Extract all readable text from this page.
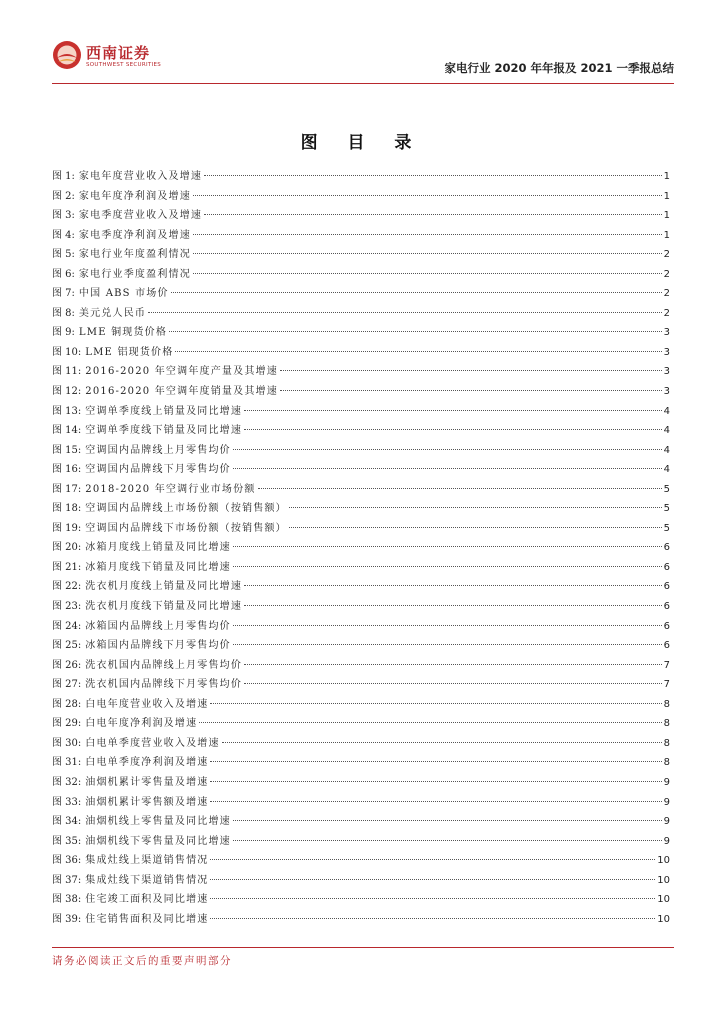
西南证券
SOUTHWEST SECURITIES	家电行业 2020 年年报及 2021 一季报总结
图 目 录
图 1: 家电年度营业收入及增速	1
图 2: 家电年度净利润及增速	1
图 3: 家电季度营业收入及增速	1
图 4: 家电季度净利润及增速	1
图 5: 家电行业年度盈利情况	2
图 6: 家电行业季度盈利情况	2
图 7: 中国 ABS 市场价	2
图 8: 美元兑人民币	2
图 9: LME 铜现货价格	3
图 10: LME 铝现货价格	3
图 11: 2016-2020 年空调年度产量及其增速	3
图 12: 2016-2020 年空调年度销量及其增速	3
图 13: 空调单季度线上销量及同比增速	4
图 14: 空调单季度线下销量及同比增速	4
图 15: 空调国内品牌线上月零售均价	4
图 16: 空调国内品牌线下月零售均价	4
图 17: 2018-2020 年空调行业市场份额	5
图 18: 空调国内品牌线上市场份额（按销售额）	5
图 19: 空调国内品牌线下市场份额（按销售额）	5
图 20: 冰箱月度线上销量及同比增速	6
图 21: 冰箱月度线下销量及同比增速	6
图 22: 洗衣机月度线上销量及同比增速	6
图 23: 洗衣机月度线下销量及同比增速	6
图 24: 冰箱国内品牌线上月零售均价	6
图 25: 冰箱国内品牌线下月零售均价	6
图 26: 洗衣机国内品牌线上月零售均价	7
图 27: 洗衣机国内品牌线下月零售均价	7
图 28: 白电年度营业收入及增速	8
图 29: 白电年度净利润及增速	8
图 30: 白电单季度营业收入及增速	8
图 31: 白电单季度净利润及增速	8
图 32: 油烟机累计零售量及增速	9
图 33: 油烟机累计零售额及增速	9
图 34: 油烟机线上零售量及同比增速	9
图 35: 油烟机线下零售量及同比增速	9
图 36: 集成灶线上渠道销售情况	10
图 37: 集成灶线下渠道销售情况	10
图 38: 住宅竣工面积及同比增速	10
图 39: 住宅销售面积及同比增速	10
请务必阅读正文后的重要声明部分
